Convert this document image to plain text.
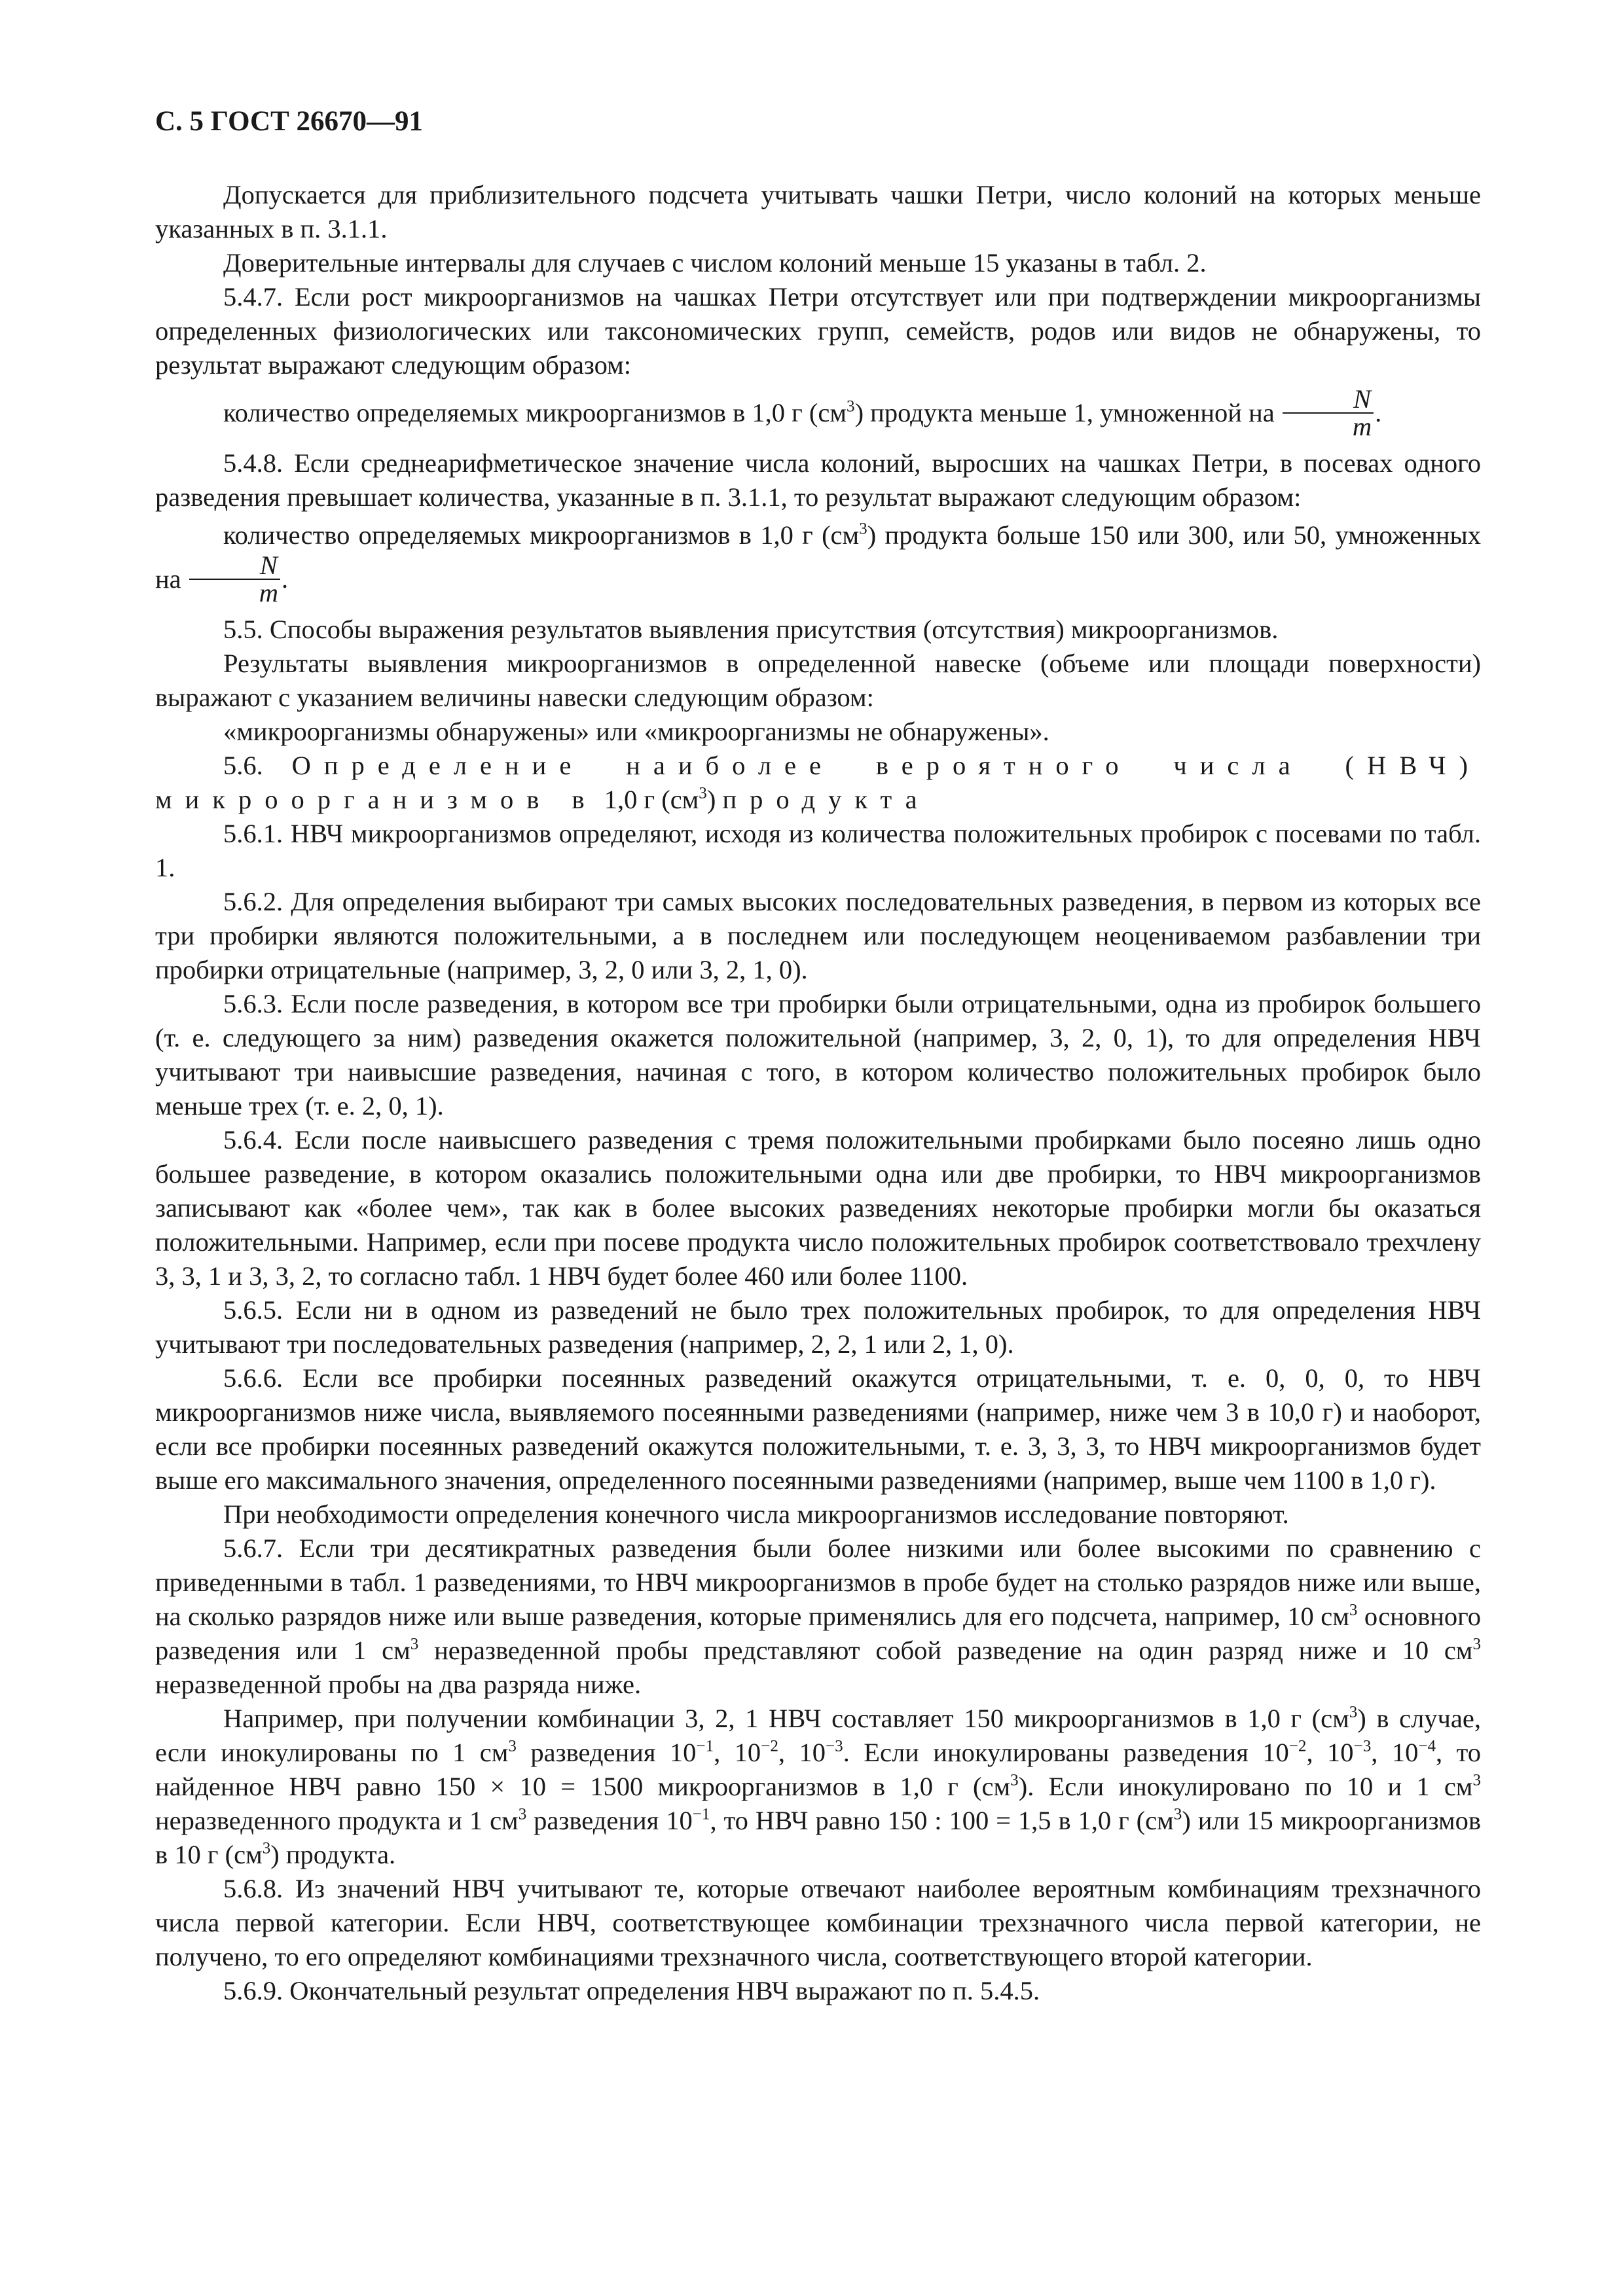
С. 5 ГОСТ 26670—91

Допускается для приблизительного подсчета учитывать чашки Петри, число колоний на которых меньше указанных в п. 3.1.1.

Доверительные интервалы для случаев с числом колоний меньше 15 указаны в табл. 2.

5.4.7. Если рост микроорганизмов на чашках Петри отсутствует или при подтверждении микроорганизмы определенных физиологических или таксономических групп, семейств, родов или видов не обнаружены, то результат выражают следующим образом:

количество определяемых микроорганизмов в 1,0 г $(см^3)$ продукта меньше 1, умноженной на $\frac{N}{m}$ .

5.4.8. Если среднеарифметическое значение числа колоний, выросших на чашках Петри, в посевах одного разведения превышает количества, указанные в п. 3.1.1, то результат выражают следующим образом:

количество определяемых микроорганизмов в 1,0 г $(см^3)$ продукта больше 150 или 300, или 50, умноженных на $\frac{N}{m}$ .

5.5. Способы выражения результатов выявления присутствия (отсутствия) микроорганизмов.

Результаты выявления микроорганизмов в определенной навеске (объеме или площади поверхности) выражают с указанием величины навески следующим образом:

«микроорганизмы обнаружены» или «микроорганизмы не обнаружены».

5.6. Определение наиболее вероятного числа (НВЧ) микроорганизмов в 1,0 г $(см^3)$ продукта

5.6.1. НВЧ микроорганизмов определяют, исходя из количества положительных пробирок с посевами по табл. 1.

5.6.2. Для определения выбирают три самых высоких последовательных разведения, в первом из которых все три пробирки являются положительными, а в последнем или последующем неоцениваемом разбавлении три пробирки отрицательные (например, 3, 2, 0 или 3, 2, 1, 0).

5.6.3. Если после разведения, в котором все три пробирки были отрицательными, одна из пробирок большего (т. е. следующего за ним) разведения окажется положительной (например, 3, 2, 0, 1), то для определения НВЧ учитывают три наивысшие разведения, начиная с того, в котором количество положительных пробирок было меньше трех (т. е. 2, 0, 1).

5.6.4. Если после наивысшего разведения с тремя положительными пробирками было посеяно лишь одно большее разведение, в котором оказались положительными одна или две пробирки, то НВЧ микроорганизмов записывают как «более чем», так как в более высоких разведениях некоторые пробирки могли бы оказаться положительными. Например, если при посеве продукта число положительных пробирок соответствовало трехчлену 3, 3, 1 и 3, 3, 2, то согласно табл. 1 НВЧ будет более 460 или более 1100.

5.6.5. Если ни в одном из разведений не было трех положительных пробирок, то для определения НВЧ учитывают три последовательных разведения (например, 2, 2, 1 или 2, 1, 0).

5.6.6. Если все пробирки посеянных разведений окажутся отрицательными, т. е. 0, 0, 0, то НВЧ микроорганизмов ниже числа, выявляемого посеянными разведениями (например, ниже чем 3 в 10,0 г) и наоборот, если все пробирки посеянных разведений окажутся положительными, т. е. 3, 3, 3, то НВЧ микроорганизмов будет выше его максимального значения, определенного посеянными разведениями (например, выше чем 1100 в 1,0 г).

При необходимости определения конечного числа микроорганизмов исследование повторяют.

5.6.7. Если три десятикратных разведения были более низкими или более высокими по сравнению с приведенными в табл. 1 разведениями, то НВЧ микроорганизмов в пробе будет на столько разрядов ниже или выше, на сколько разрядов ниже или выше разведения, которые применялись для его подсчета, например, 10 $см^3$ основного разведения или 1 $см^3$ неразведенной пробы представляют собой разведение на один разряд ниже и 10 $см^3$ неразведенной пробы на два разряда ниже.

Например, при получении комбинации 3, 2, 1 НВЧ составляет 150 микроорганизмов в 1,0 г $(см^3)$ в случае, если инокулированы по 1 $см^3$ разведения $10^{-1}$, $10^{-2}$, $10^{-3}$. Если инокулированы разведения $10^{-2}$, $10^{-3}$, $10^{-4}$, то найденное НВЧ равно 150 × 10 = 1500 микроорганизмов в 1,0 г $(см^3)$. Если инокулировано по 10 и 1 $см^3$ неразведенного продукта и 1 $см^3$ разведения $10^{-1}$, то НВЧ равно 150 : 100 = 1,5 в 1,0 г $(см^3)$ или 15 микроорганизмов в 10 г $(см^3)$ продукта.

5.6.8. Из значений НВЧ учитывают те, которые отвечают наиболее вероятным комбинациям трехзначного числа первой категории. Если НВЧ, соответствующее комбинации трехзначного числа первой категории, не получено, то его определяют комбинациями трехзначного числа, соответствующего второй категории.

5.6.9. Окончательный результат определения НВЧ выражают по п. 5.4.5.
